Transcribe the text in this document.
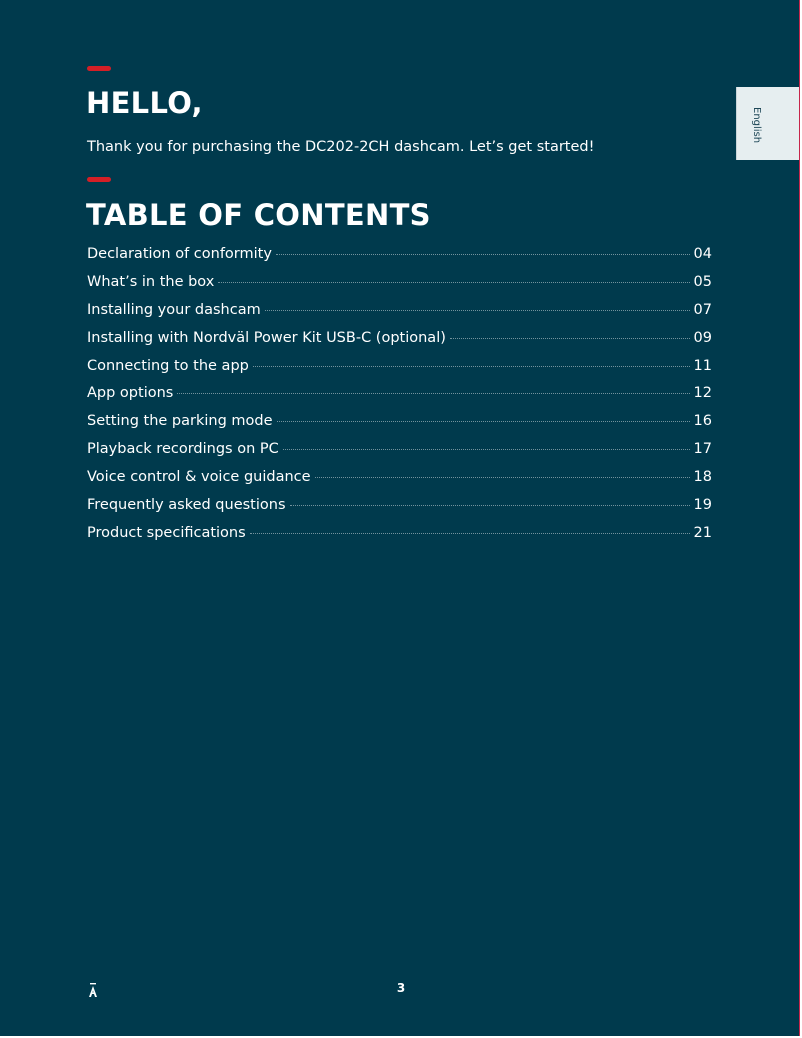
HELLO,
Thank you for purchasing the DC202-2CH dashcam. Let’s get started!
TABLE OF CONTENTS
Declaration of conformity	04
What’s in the box	05
Installing your dashcam	07
Installing with Nordväl Power Kit USB-C (optional)	09
Connecting to the app	11
App options	12
Setting the parking mode	16
Playback recordings on PC	17
Voice control & voice guidance	18
Frequently asked questions	19
Product specifications	21
English
3
